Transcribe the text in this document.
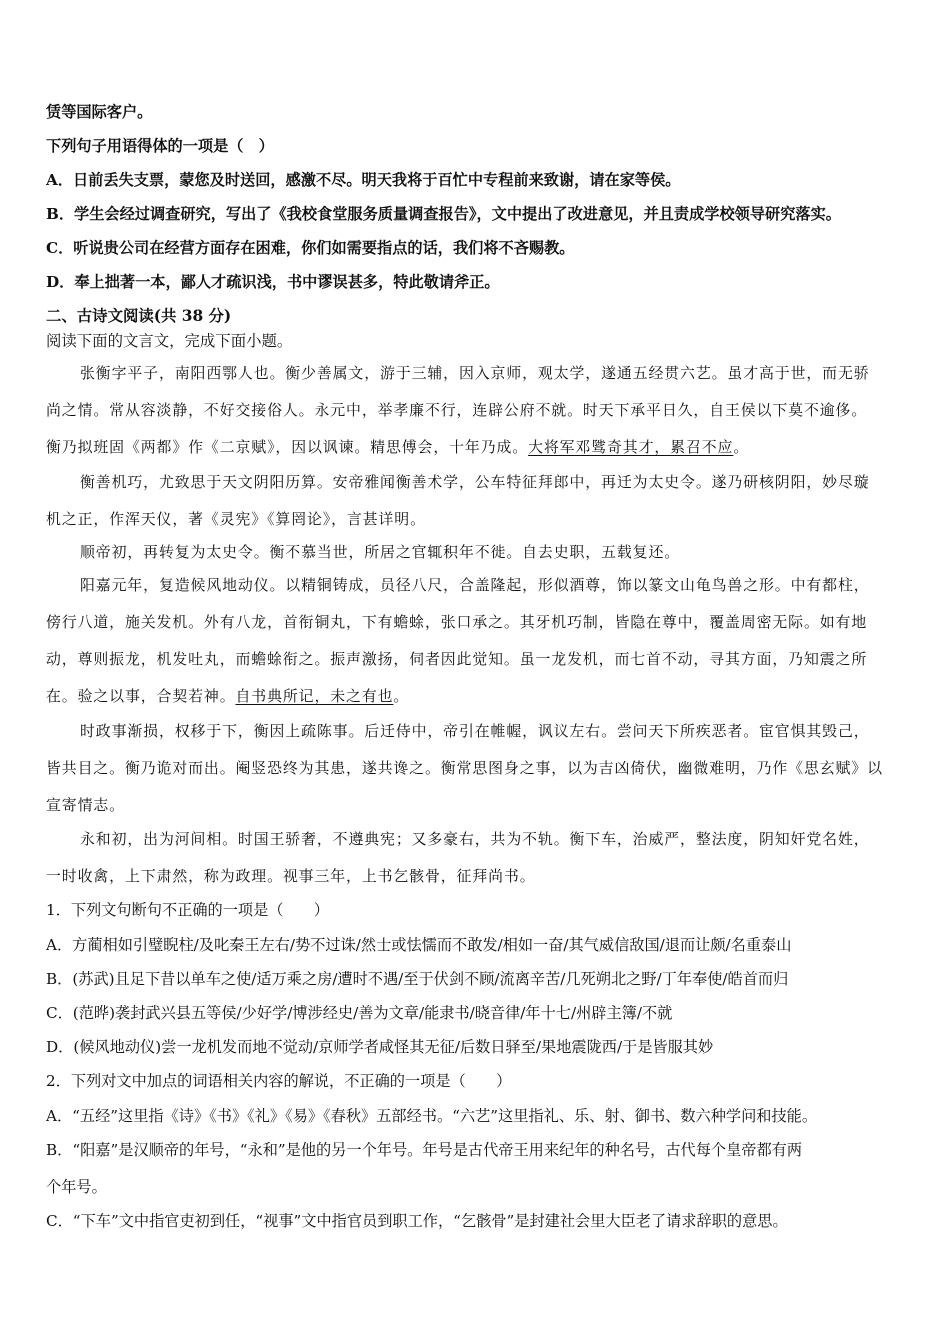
赁等国际客户。
下列句子用语得体的一项是（　）
A．日前丢失支票，蒙您及时送回，感激不尽。明天我将于百忙中专程前来致谢，请在家等侯。
B．学生会经过调查研究，写出了《我校食堂服务质量调查报告》，文中提出了改进意见，并且责成学校领导研究落实。
C．听说贵公司在经营方面存在困难，你们如需要指点的话，我们将不吝赐教。
D．奉上拙著一本，鄙人才疏识浅，书中谬误甚多，特此敬请斧正。
二、古诗文阅读(共 38 分)
阅读下面的文言文，完成下面小题。
张衡字平子，南阳西鄂人也。衡少善属文，游于三辅，因入京师，观太学，遂通五经贯六艺。虽才高于世，而无骄
尚之情。常从容淡静，不好交接俗人。永元中，举孝廉不行，连辟公府不就。时天下承平日久，自王侯以下莫不逾侈。
衡乃拟班固《两都》作《二京赋》，因以讽谏。精思傅会，十年乃成。大将军邓骘奇其才，累召不应。
衡善机巧，尤致思于天文阴阳历算。安帝雅闻衡善术学，公车特征拜郎中，再迁为太史令。遂乃研核阴阳，妙尽璇
机之正，作浑天仪，著《灵宪》《算罔论》，言甚详明。
顺帝初，再转复为太史令。衡不慕当世，所居之官辄积年不徙。自去史职，五载复还。
阳嘉元年，复造候风地动仪。以精铜铸成，员径八尺，合盖隆起，形似酒尊，饰以篆文山龟鸟兽之形。中有都柱，
傍行八道，施关发机。外有八龙，首衔铜丸，下有蟾蜍，张口承之。其牙机巧制，皆隐在尊中，覆盖周密无际。如有地
动，尊则振龙，机发吐丸，而蟾蜍衔之。振声激扬，伺者因此觉知。虽一龙发机，而七首不动，寻其方面，乃知震之所
在。验之以事，合契若神。自书典所记，未之有也。
时政事渐损，权移于下，衡因上疏陈事。后迁侍中，帝引在帷幄，讽议左右。尝问天下所疾恶者。宦官惧其毁己，
皆共目之。衡乃诡对而出。阉竖恐终为其患，遂共谗之。衡常思图身之事，以为吉凶倚伏，幽微难明，乃作《思玄赋》以
宣寄情志。
永和初，出为河间相。时国王骄奢，不遵典宪；又多豪右，共为不轨。衡下车，治威严，整法度，阴知奸党名姓，
一时收禽，上下肃然，称为政理。视事三年，上书乞骸骨，征拜尚书。
1．下列文句断句不正确的一项是（　　）
A．方蔺相如引璧睨柱/及叱秦王左右/势不过诛/然士或怯懦而不敢发/相如一奋/其气威信敌国/退而让颇/名重泰山
B．(苏武)且足下昔以单车之使/适万乘之房/遭时不遇/至于伏剑不顾/流离辛苦/几死朔北之野/丁年奉使/皓首而归
C．(范晔)袭封武兴县五等侯/少好学/博涉经史/善为文章/能隶书/晓音律/年十七/州辟主簿/不就
D．(候风地动仪)尝一龙机发而地不觉动/京师学者咸怪其无征/后数日驿至/果地震陇西/于是皆服其妙
2．下列对文中加点的词语相关内容的解说，不正确的一项是（　　）
A．“五经”这里指《诗》《书》《礼》《易》《春秋》五部经书。“六艺”这里指礼、乐、射、御书、数六种学问和技能。
B．“阳嘉”是汉顺帝的年号，“永和”是他的另一个年号。年号是古代帝王用来纪年的种名号，古代每个皇帝都有两
个年号。
C．“下车”文中指官吏初到任，“视事”文中指官员到职工作，“乞骸骨”是封建社会里大臣老了请求辞职的意思。
